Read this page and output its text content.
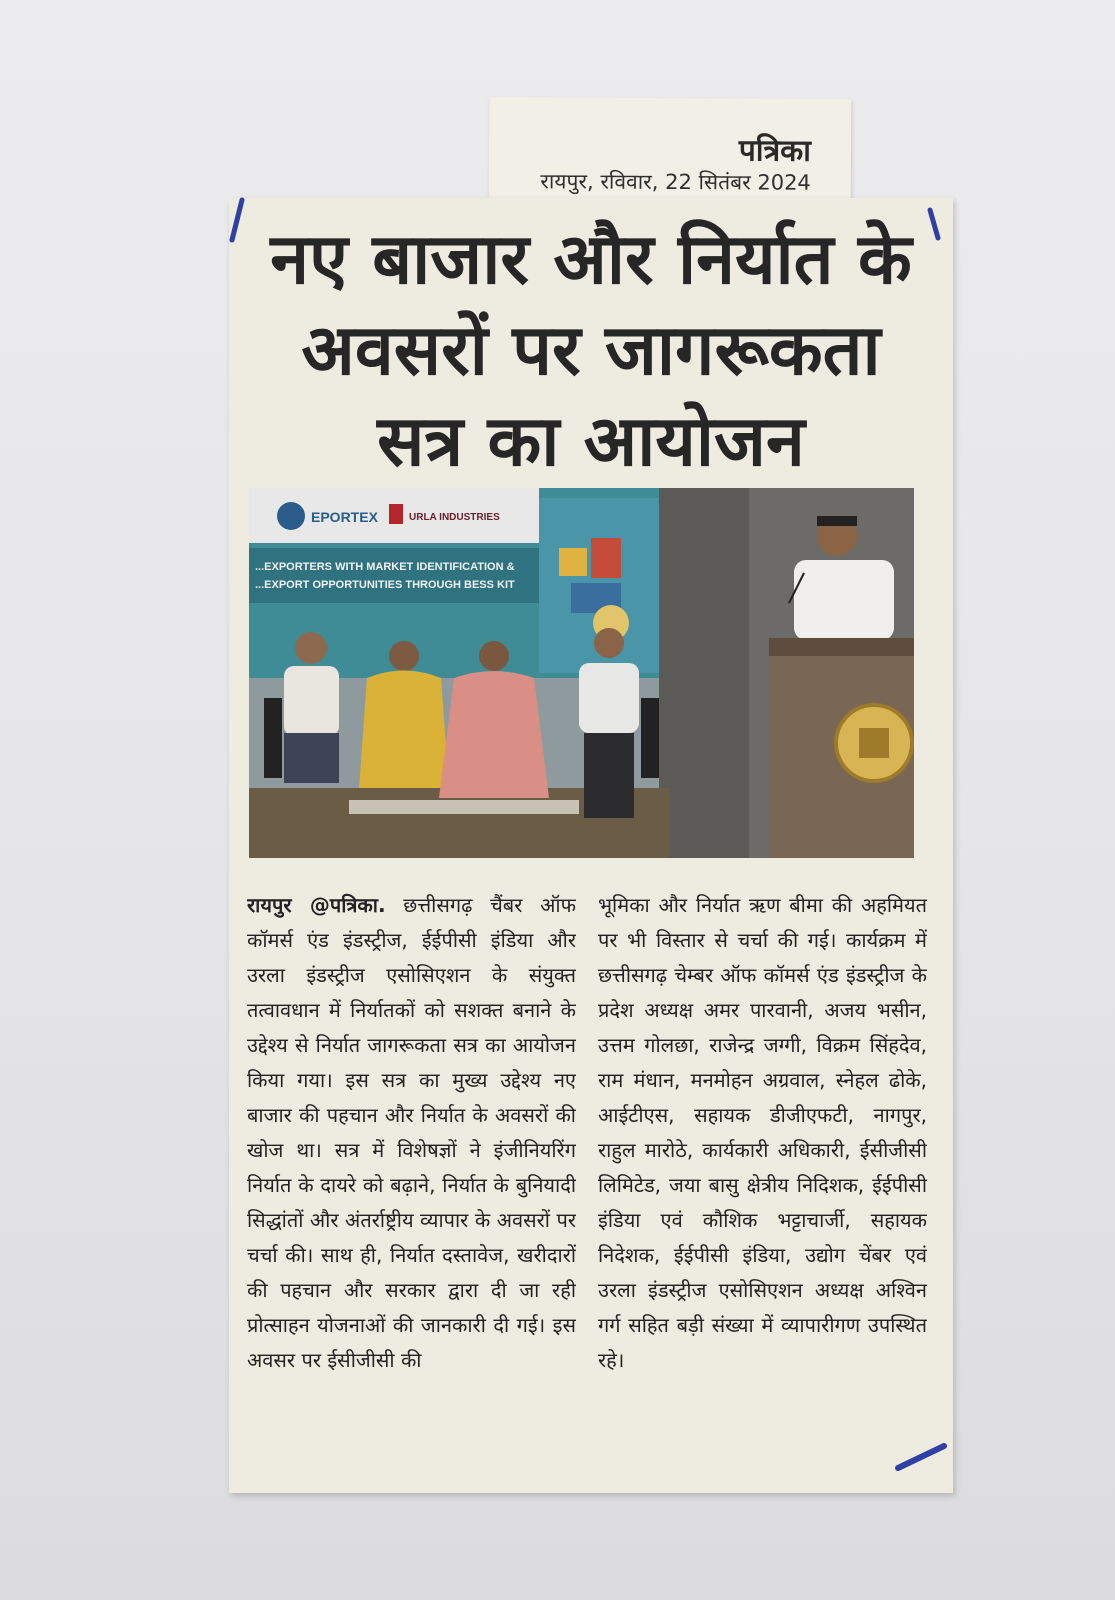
पत्रिका
रायपुर, रविवार, 22 सितंबर 2024
नए बाजार और निर्यात के
अवसरों पर जागरूकता
सत्र का आयोजन
EPORTEX	URLA INDUSTRIES
...EXPORTERS WITH MARKET IDENTIFICATION &
...EXPORT OPPORTUNITIES THROUGH BESS KIT
रायपुर @पत्रिका. छत्तीसगढ़ चैंबर ऑफ कॉमर्स एंड इंडस्ट्रीज, ईईपीसी इंडिया और उरला इंडस्ट्रीज एसोसिएशन के संयुक्त तत्वावधान में निर्यातकों को सशक्त बनाने के उद्देश्य से निर्यात जागरूकता सत्र का आयोजन किया गया। इस सत्र का मुख्य उद्देश्य नए बाजार की पहचान और निर्यात के अवसरों की खोज था। सत्र में विशेषज्ञों ने इंजीनियरिंग निर्यात के दायरे को बढ़ाने, निर्यात के बुनियादी सिद्धांतों और अंतर्राष्ट्रीय व्यापार के अवसरों पर चर्चा की। साथ ही, निर्यात दस्तावेज, खरीदारों की पहचान और सरकार द्वारा दी जा रही प्रोत्साहन योजनाओं की जानकारी दी गई। इस अवसर पर ईसीजीसी की
भूमिका और निर्यात ऋण बीमा की अहमियत पर भी विस्तार से चर्चा की गई। कार्यक्रम में छत्तीसगढ़ चेम्बर ऑफ कॉमर्स एंड इंडस्ट्रीज के प्रदेश अध्यक्ष अमर पारवानी, अजय भसीन, उत्तम गोलछा, राजेन्द्र जग्गी, विक्रम सिंहदेव, राम मंधान, मनमोहन अग्रवाल, स्नेहल ढोके, आईटीएस, सहायक डीजीएफटी, नागपुर, राहुल मारोठे, कार्यकारी अधिकारी, ईसीजीसी लिमिटेड, जया बासु क्षेत्रीय निदिशक, ईईपीसी इंडिया एवं कौशिक भट्टाचार्जी, सहायक निदेशक, ईईपीसी इंडिया, उद्योग चेंबर एवं उरला इंडस्ट्रीज एसोसिएशन अध्यक्ष अश्विन गर्ग सहित बड़ी संख्या में व्यापारीगण उपस्थित रहे।
